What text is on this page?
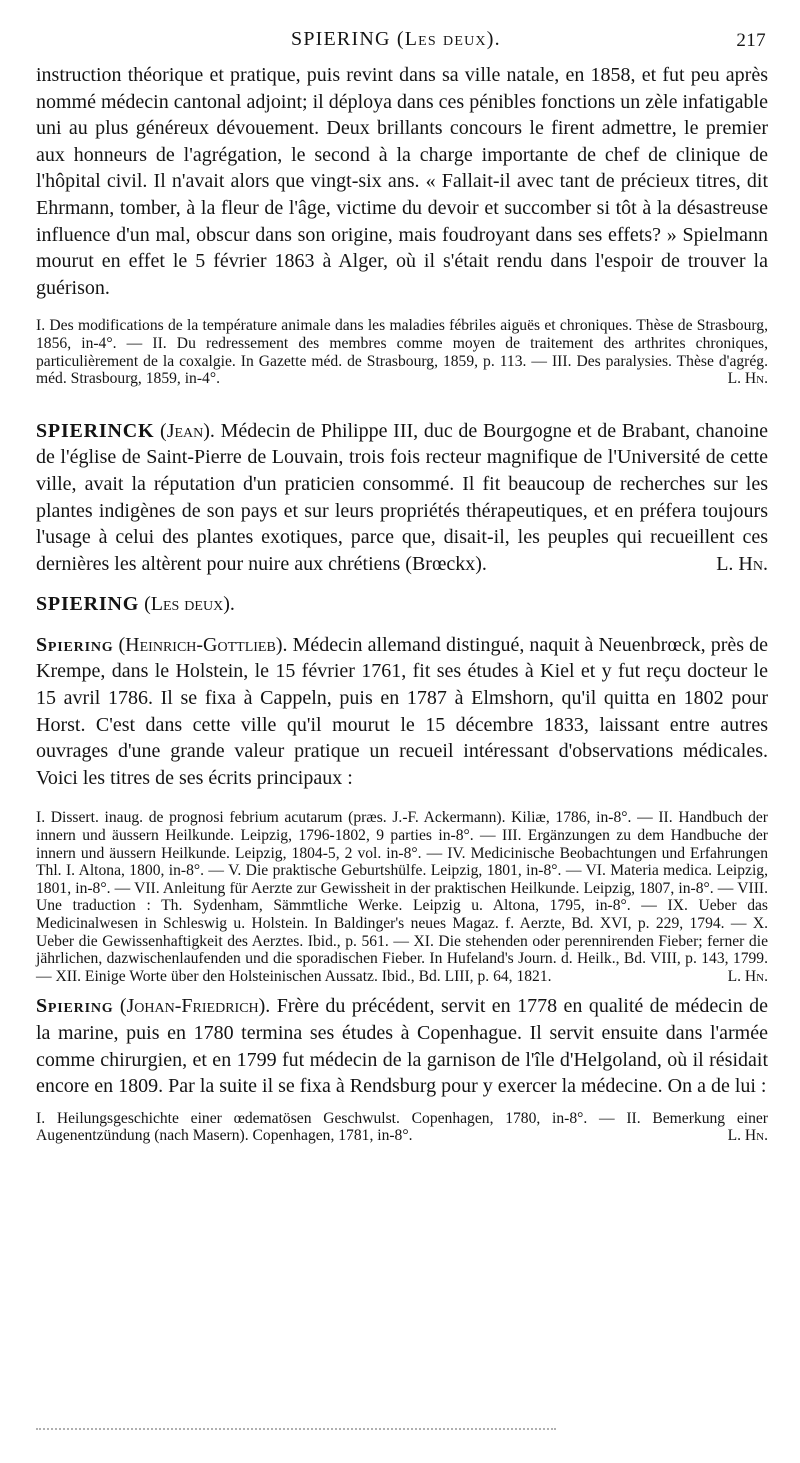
SPIERING (Les deux).	217

instruction théorique et pratique, puis revint dans sa ville natale, en 1858, et fut peu après nommé médecin cantonal adjoint; il déploya dans ces pénibles fonctions un zèle infatigable uni au plus généreux dévouement. Deux brillants concours le firent admettre, le premier aux honneurs de l'agrégation, le second à la charge importante de chef de clinique de l'hôpital civil. Il n'avait alors que vingt-six ans. « Fallait-il avec tant de précieux titres, dit Ehrmann, tomber, à la fleur de l'âge, victime du devoir et succomber si tôt à la désastreuse influence d'un mal, obscur dans son origine, mais foudroyant dans ses effets? » Spielmann mourut en effet le 5 février 1863 à Alger, où il s'était rendu dans l'espoir de trouver la guérison.

I. Des modifications de la température animale dans les maladies fébriles aiguës et chroniques. Thèse de Strasbourg, 1856, in-4°. — II. Du redressement des membres comme moyen de traitement des arthrites chroniques, particulièrement de la coxalgie. In Gazette méd. de Strasbourg, 1859, p. 113. — III. Des paralysies. Thèse d'agrég. méd. Strasbourg, 1859, in-4°.	L. Hn.

SPIERINCK (Jean). Médecin de Philippe III, duc de Bourgogne et de Brabant, chanoine de l'église de Saint-Pierre de Louvain, trois fois recteur magnifique de l'Université de cette ville, avait la réputation d'un praticien consommé. Il fit beaucoup de recherches sur les plantes indigènes de son pays et sur leurs propriétés thérapeutiques, et en préfera toujours l'usage à celui des plantes exotiques, parce que, disait-il, les peuples qui recueillent ces dernières les altèrent pour nuire aux chrétiens (Brœckx).	L. Hn.

SPIERING (Les deux).

Spiering (Heinrich-Gottlieb). Médecin allemand distingué, naquit à Neuenbrœck, près de Krempe, dans le Holstein, le 15 février 1761, fit ses études à Kiel et y fut reçu docteur le 15 avril 1786. Il se fixa à Cappeln, puis en 1787 à Elmshorn, qu'il quitta en 1802 pour Horst. C'est dans cette ville qu'il mourut le 15 décembre 1833, laissant entre autres ouvrages d'une grande valeur pratique un recueil intéressant d'observations médicales. Voici les titres de ses écrits principaux :

I. Dissert. inaug. de prognosi febrium acutarum (præs. J.-F. Ackermann). Kiliæ, 1786, in-8°. — II. Handbuch der innern und äussern Heilkunde. Leipzig, 1796-1802, 9 parties in-8°. — III. Ergänzungen zu dem Handbuche der innern und äussern Heilkunde. Leipzig, 1804-5, 2 vol. in-8°. — IV. Medicinische Beobachtungen und Erfahrungen Thl. I. Altona, 1800, in-8°. — V. Die praktische Geburtshülfe. Leipzig, 1801, in-8°. — VI. Materia medica. Leipzig, 1801, in-8°. — VII. Anleitung für Aerzte zur Gewissheit in der praktischen Heilkunde. Leipzig, 1807, in-8°. — VIII. Une traduction : Th. Sydenham, Sämmtliche Werke. Leipzig u. Altona, 1795, in-8°. — IX. Ueber das Medicinalwesen in Schleswig u. Holstein. In Baldinger's neues Magaz. f. Aerzte, Bd. XVI, p. 229, 1794. — X. Ueber die Gewissenhaftigkeit des Aerztes. Ibid., p. 561. — XI. Die stehenden oder perennirenden Fieber; ferner die jährlichen, dazwischenlaufenden und die sporadischen Fieber. In Hufeland's Journ. d. Heilk., Bd. VIII, p. 143, 1799. — XII. Einige Worte über den Holsteinischen Aussatz. Ibid., Bd. LIII, p. 64, 1821.	L. Hn.

Spiering (Johan-Friedrich). Frère du précédent, servit en 1778 en qualité de médecin de la marine, puis en 1780 termina ses études à Copenhague. Il servit ensuite dans l'armée comme chirurgien, et en 1799 fut médecin de la garnison de l'île d'Helgoland, où il résidait encore en 1809. Par la suite il se fixa à Rendsburg pour y exercer la médecine. On a de lui :

I. Heilungsgeschichte einer œdematösen Geschwulst. Copenhagen, 1780, in-8°. — II. Bemerkung einer Augenentzündung (nach Masern). Copenhagen, 1781, in-8°.	L. Hn.
